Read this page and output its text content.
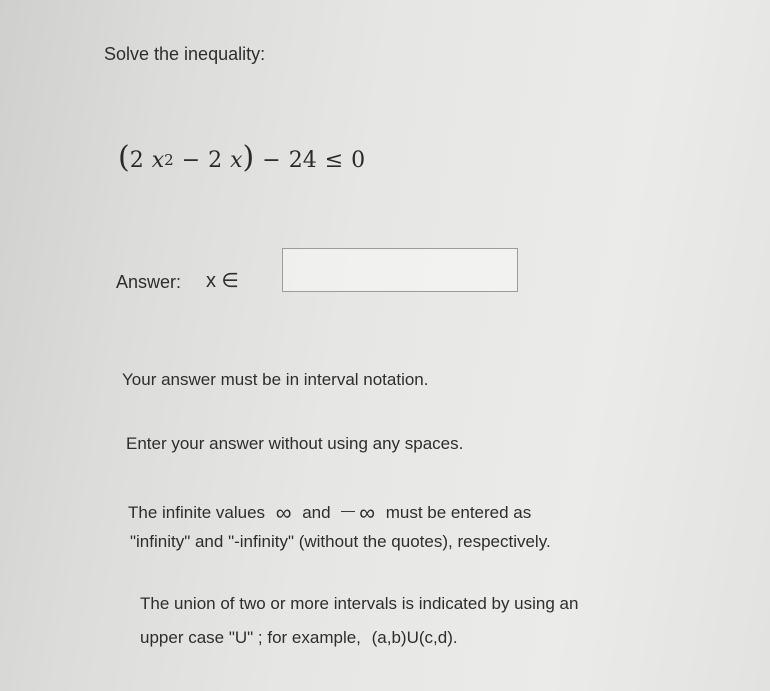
Solve the inequality:
( 2 $x^2 - 2$ x ) − 24 ≤ 0
Answer: x ∈
Your answer must be in interval notation.
Enter your answer without using any spaces.
The infinite values ∞ and ∞ must be entered as
"infinity" and "-infinity" (without the quotes), respectively.
The union of two or more intervals is indicated by using an
upper case "U" ; for example, (a,b)U(c,d).
